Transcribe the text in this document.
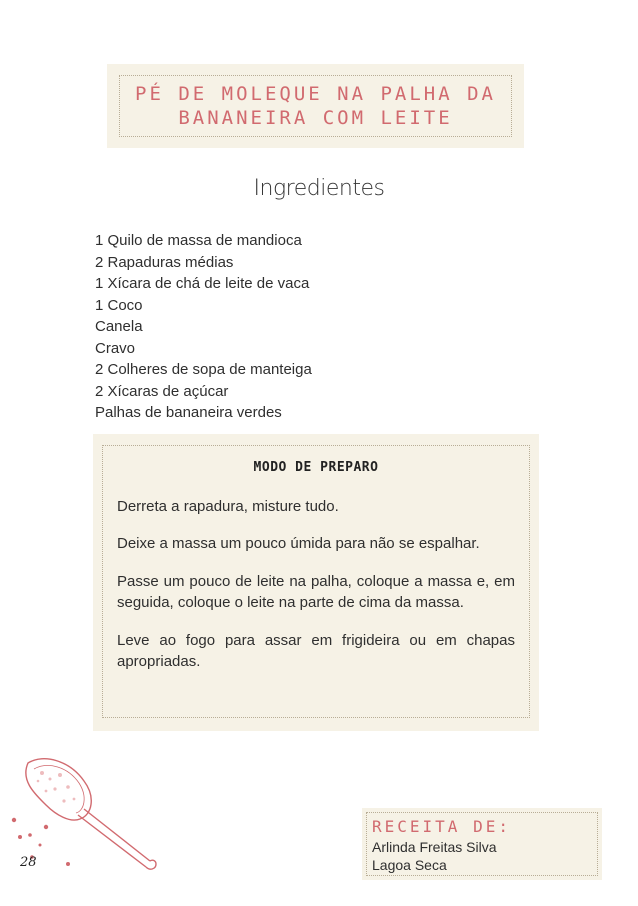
PÉ DE MOLEQUE NA PALHA DA
BANANEIRA COM LEITE
Ingredientes
1 Quilo de massa de mandioca
2 Rapaduras médias
1 Xícara de chá de leite de vaca
1 Coco
Canela
Cravo
2 Colheres de sopa de manteiga
2 Xícaras de açúcar
Palhas de bananeira verdes
MODO DE PREPARO

Derreta a rapadura, misture tudo.

Deixe a massa um pouco úmida para não se espalhar.

Passe um pouco de leite na palha, coloque a massa e, em seguida, coloque o leite na parte de cima da massa.

Leve ao fogo para assar em frigideira ou em chapas apropriadas.

28
RECEITA DE:
Arlinda Freitas Silva
Lagoa Seca
